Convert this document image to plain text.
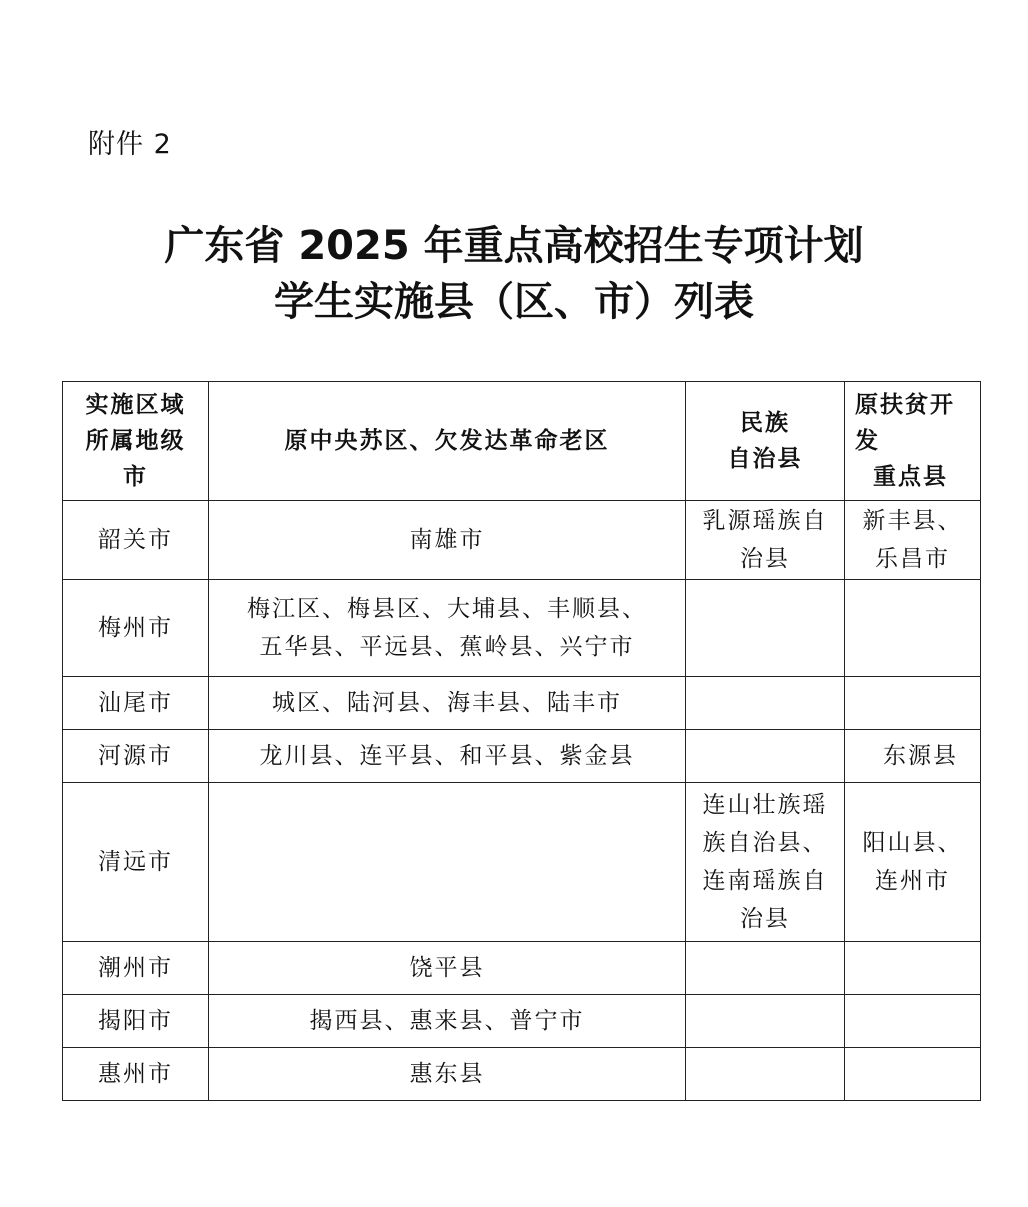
附件 2
广东省 2025 年重点高校招生专项计划
学生实施县（区、市）列表
实施区域
所属地级
市	原中央苏区、欠发达革命老区	民族
自治县	原扶贫开
发
重点县

韶关市	南雄市	乳源瑶族自
治县	新丰县、
乐昌市

梅州市	梅江区、梅县区、大埔县、丰顺县、
五华县、平远县、蕉岭县、兴宁市		

汕尾市	城区、陆河县、海丰县、陆丰市		

河源市	龙川县、连平县、和平县、紫金县		东源县

清远市		连山壮族瑶
族自治县、
连南瑶族自
治县	阳山县、
连州市

潮州市	饶平县		

揭阳市	揭西县、惠来县、普宁市		

惠州市	惠东县		
